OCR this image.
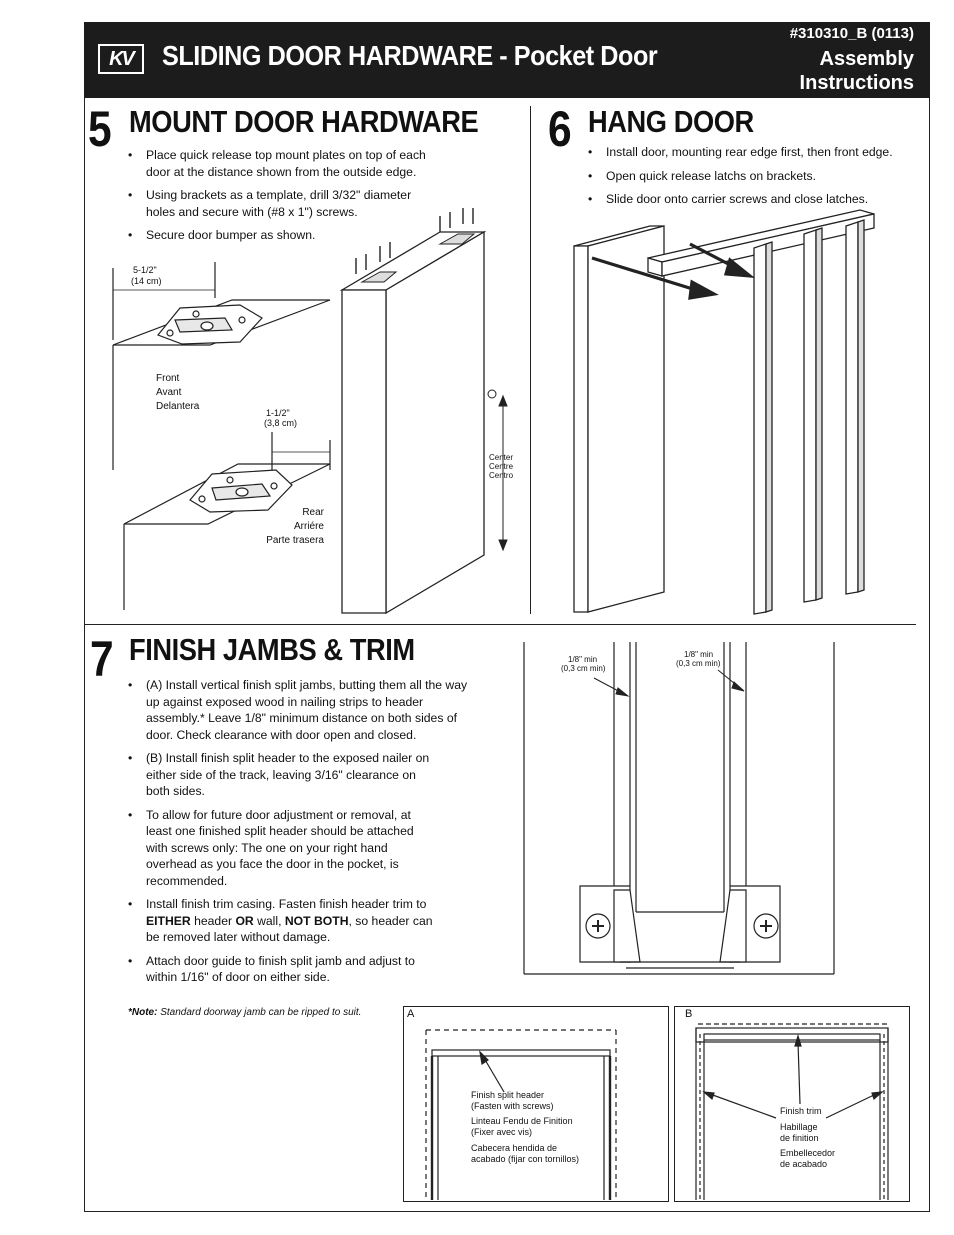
KV	SLIDING DOOR HARDWARE - Pocket Door
#310310_B (0113)
Assembly Instructions
5 MOUNT DOOR HARDWARE
• Place quick release top mount plates on top of each door at the distance shown from the outside edge.
• Using brackets as a template, drill 3/32" diameter holes and secure with (#8 x 1") screws.
• Secure door bumper as shown.
5-1/2"
(14 cm)
Front
Avant
Delantera
1-1/2"
(3,8 cm)
Rear
Arriére
Parte trasera
Center
Centre
Centro
6 HANG DOOR
• Install door, mounting rear edge first, then front edge.
• Open quick release latchs on brackets.
• Slide door onto carrier screws and close latches.
7 FINISH JAMBS & TRIM
• (A) Install vertical finish split jambs, butting them all the way up against exposed wood in nailing strips to header assembly.* Leave 1/8" minimum distance on both sides of door. Check clearance with door open and closed.
• (B) Install finish split header to the exposed nailer on either side of the track, leaving 3/16" clearance on both sides.
• To allow for future door adjustment or removal, at least one finished split header should be attached with screws only: The one on your right hand overhead as you face the door in the pocket, is recommended.
• Install finish trim casing. Fasten finish header trim to EITHER header OR wall, NOT BOTH, so header can be removed later without damage.
• Attach door guide to finish split jamb and adjust to within 1/16" of door on either side.
*Note: Standard doorway jamb can be ripped to suit.
1/8" min
(0,3 cm min)
1/8" min
(0,3 cm min)
A
Finish split header
(Fasten with screws)
Linteau Fendu de Finition
(Fixer avec vis)
Cabecera hendida de
acabado (fijar con tornillos)
B
Finish trim
Habillage
de finition
Embellecedor
de acabado
